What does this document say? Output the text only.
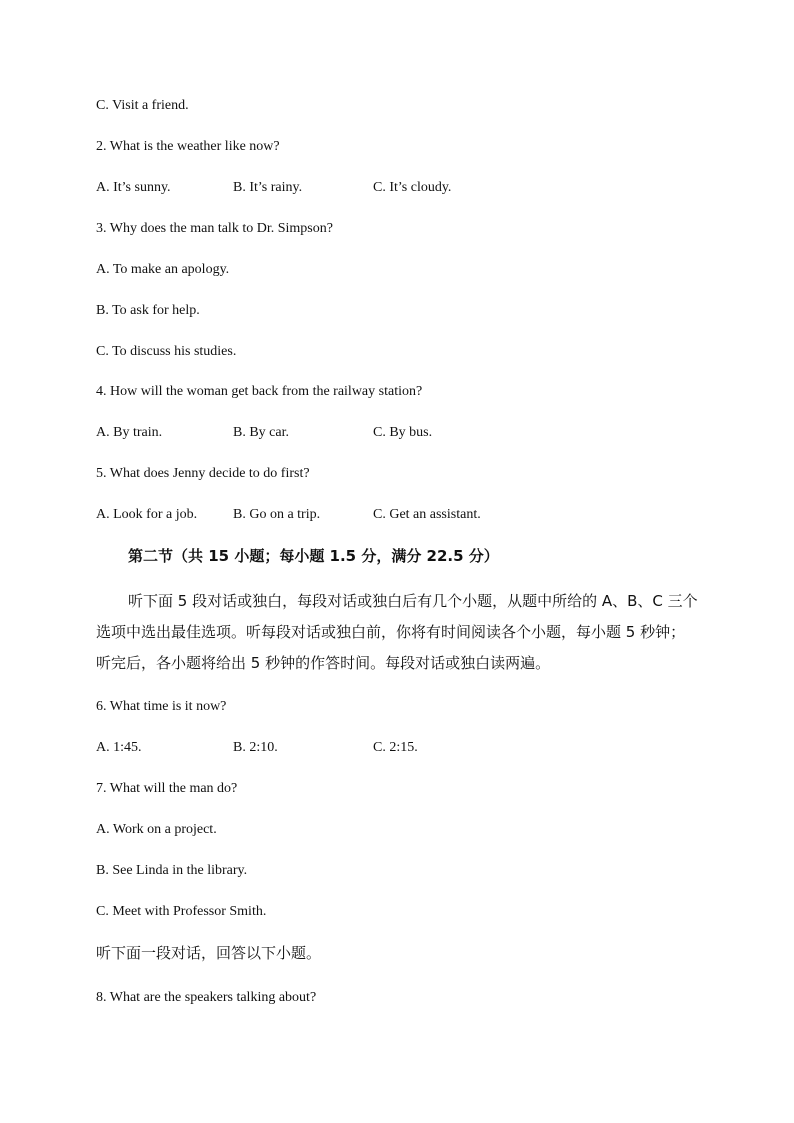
C. Visit a friend.
2. What is the weather like now?
A. It’s sunny.	B. It’s rainy.	C. It’s cloudy.
3. Why does the man talk to Dr. Simpson?
A. To make an apology.
B. To ask for help.
C. To discuss his studies.
4. How will the woman get back from the railway station?
A. By train.	B. By car.	C. By bus.
5. What does Jenny decide to do first?
A. Look for a job.	B. Go on a trip.	C. Get an assistant.
第二节（共 15 小题；每小题 1.5 分，满分 22.5 分）
听下面 5 段对话或独白，每段对话或独白后有几个小题，从题中所给的 A、B、C 三个选项中选出最佳选项。听每段对话或独白前，你将有时间阅读各个小题，每小题 5 秒钟；听完后，各小题将给出 5 秒钟的作答时间。每段对话或独白读两遍。
6. What time is it now?
A. 1:45.	B. 2:10.	C. 2:15.
7. What will the man do?
A. Work on a project.
B. See Linda in the library.
C. Meet with Professor Smith.
听下面一段对话，回答以下小题。
8. What are the speakers talking about?
